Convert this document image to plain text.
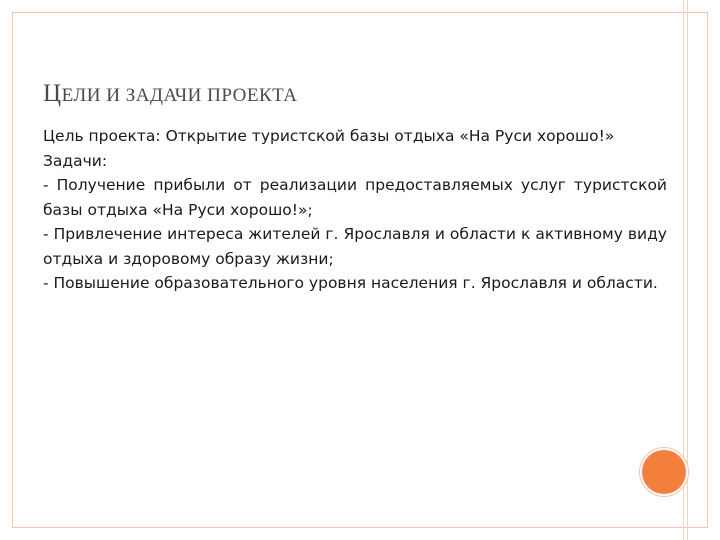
ЦЕЛИ И ЗАДАЧИ ПРОЕКТА

Цель проекта: Открытие туристской базы отдыха «На Руси хорошо!»

Задачи:

- Получение прибыли от реализации предоставляемых услуг туристской базы отдыха «На Руси хорошо!»;

- Привлечение интереса жителей г. Ярославля и области к активному виду отдыха и здоровому образу жизни;

- Повышение образовательного уровня населения г. Ярославля и области.
